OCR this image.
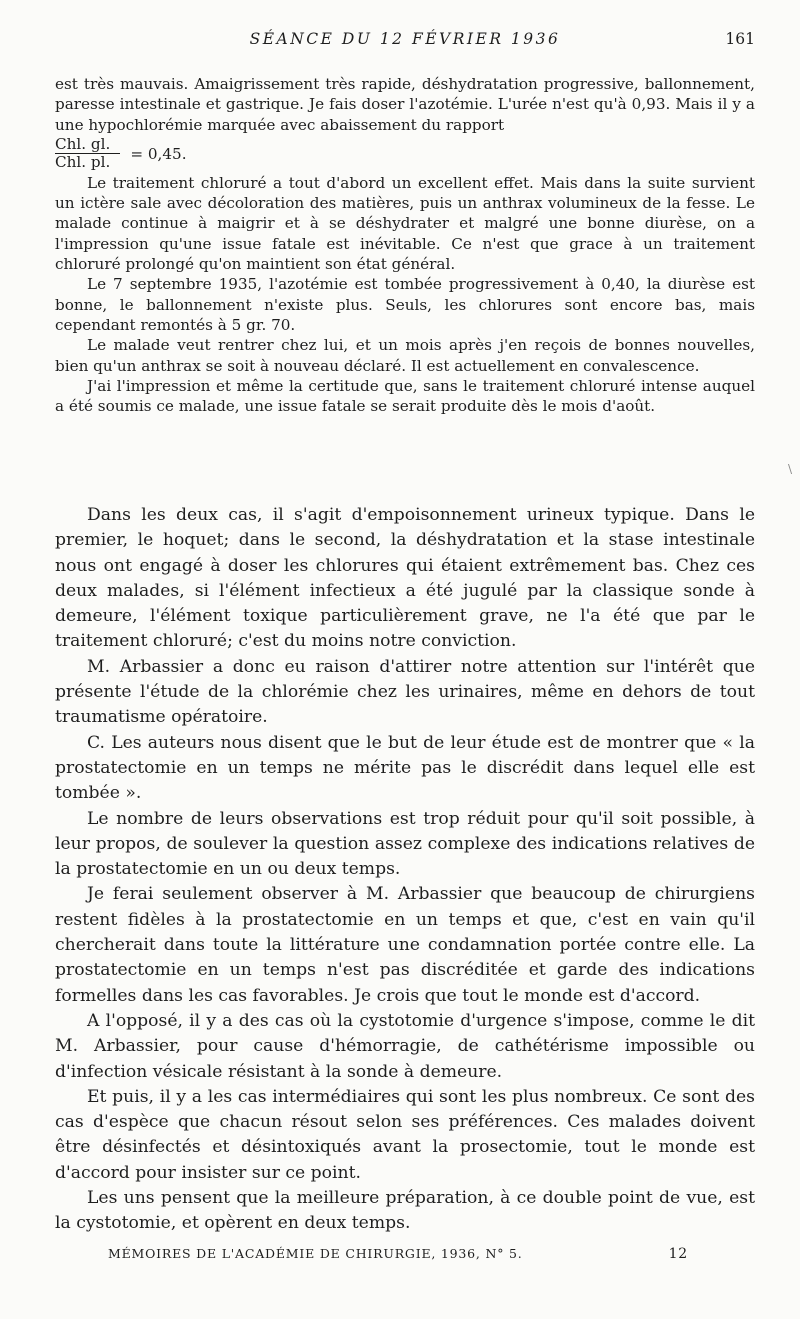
SÉANCE DU 12 FÉVRIER 1936	161

est très mauvais. Amaigrissement très rapide, déshydratation progressive, ballonnement, paresse intestinale et gastrique. Je fais doser l'azotémie. L'urée n'est qu'à 0,93. Mais il y a une hypochlorémie marquée avec abaissement du rapport

$\frac{\text{Chl. gl.}}{\text{Chl. pl.}} = 0,45$.

Le traitement chloruré a tout d'abord un excellent effet. Mais dans la suite survient un ictère sale avec décoloration des matières, puis un anthrax volumineux de la fesse. Le malade continue à maigrir et à se déshydrater et malgré une bonne diurèse, on a l'impression qu'une issue fatale est inévitable. Ce n'est que grace à un traitement chloruré prolongé qu'on maintient son état général.

Le 7 septembre 1935, l'azotémie est tombée progressivement à 0,40, la diurèse est bonne, le ballonnement n'existe plus. Seuls, les chlorures sont encore bas, mais cependant remontés à 5 gr. 70.

Le malade veut rentrer chez lui, et un mois après j'en reçois de bonnes nouvelles, bien qu'un anthrax se soit à nouveau déclaré. Il est actuellement en convalescence.

J'ai l'impression et même la certitude que, sans le traitement chloruré intense auquel a été soumis ce malade, une issue fatale se serait produite dès le mois d'août.

\

Dans les deux cas, il s'agit d'empoisonnement urineux typique. Dans le premier, le hoquet; dans le second, la déshydratation et la stase intestinale nous ont engagé à doser les chlorures qui étaient extrêmement bas. Chez ces deux malades, si l'élément infectieux a été jugulé par la classique sonde à demeure, l'élément toxique particulièrement grave, ne l'a été que par le traitement chloruré; c'est du moins notre conviction.

M. Arbassier a donc eu raison d'attirer notre attention sur l'intérêt que présente l'étude de la chlorémie chez les urinaires, même en dehors de tout traumatisme opératoire.

C. Les auteurs nous disent que le but de leur étude est de montrer que « la prostatectomie en un temps ne mérite pas le discrédit dans lequel elle est tombée ».

Le nombre de leurs observations est trop réduit pour qu'il soit possible, à leur propos, de soulever la question assez complexe des indications relatives de la prostatectomie en un ou deux temps.

Je ferai seulement observer à M. Arbassier que beaucoup de chirurgiens restent fidèles à la prostatectomie en un temps et que, c'est en vain qu'il chercherait dans toute la littérature une condamnation portée contre elle. La prostatectomie en un temps n'est pas discréditée et garde des indications formelles dans les cas favorables. Je crois que tout le monde est d'accord.

A l'opposé, il y a des cas où la cystotomie d'urgence s'impose, comme le dit M. Arbassier, pour cause d'hémorragie, de cathétérisme impossible ou d'infection vésicale résistant à la sonde à demeure.

Et puis, il y a les cas intermédiaires qui sont les plus nombreux. Ce sont des cas d'espèce que chacun résout selon ses préférences. Ces malades doivent être désinfectés et désintoxiqués avant la prosectomie, tout le monde est d'accord pour insister sur ce point.

Les uns pensent que la meilleure préparation, à ce double point de vue, est la cystotomie, et opèrent en deux temps.

MÉMOIRES DE L'ACADÉMIE DE CHIRURGIE, 1936, N° 5.	12
